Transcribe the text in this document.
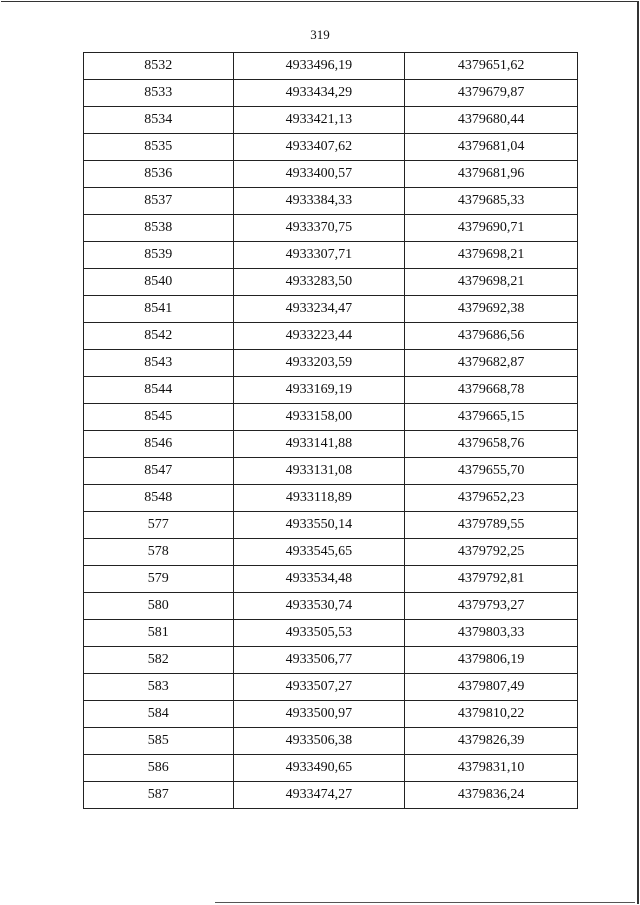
319
8532	4933496,19	4379651,62
8533	4933434,29	4379679,87
8534	4933421,13	4379680,44
8535	4933407,62	4379681,04
8536	4933400,57	4379681,96
8537	4933384,33	4379685,33
8538	4933370,75	4379690,71
8539	4933307,71	4379698,21
8540	4933283,50	4379698,21
8541	4933234,47	4379692,38
8542	4933223,44	4379686,56
8543	4933203,59	4379682,87
8544	4933169,19	4379668,78
8545	4933158,00	4379665,15
8546	4933141,88	4379658,76
8547	4933131,08	4379655,70
8548	4933118,89	4379652,23
577	4933550,14	4379789,55
578	4933545,65	4379792,25
579	4933534,48	4379792,81
580	4933530,74	4379793,27
581	4933505,53	4379803,33
582	4933506,77	4379806,19
583	4933507,27	4379807,49
584	4933500,97	4379810,22
585	4933506,38	4379826,39
586	4933490,65	4379831,10
587	4933474,27	4379836,24
